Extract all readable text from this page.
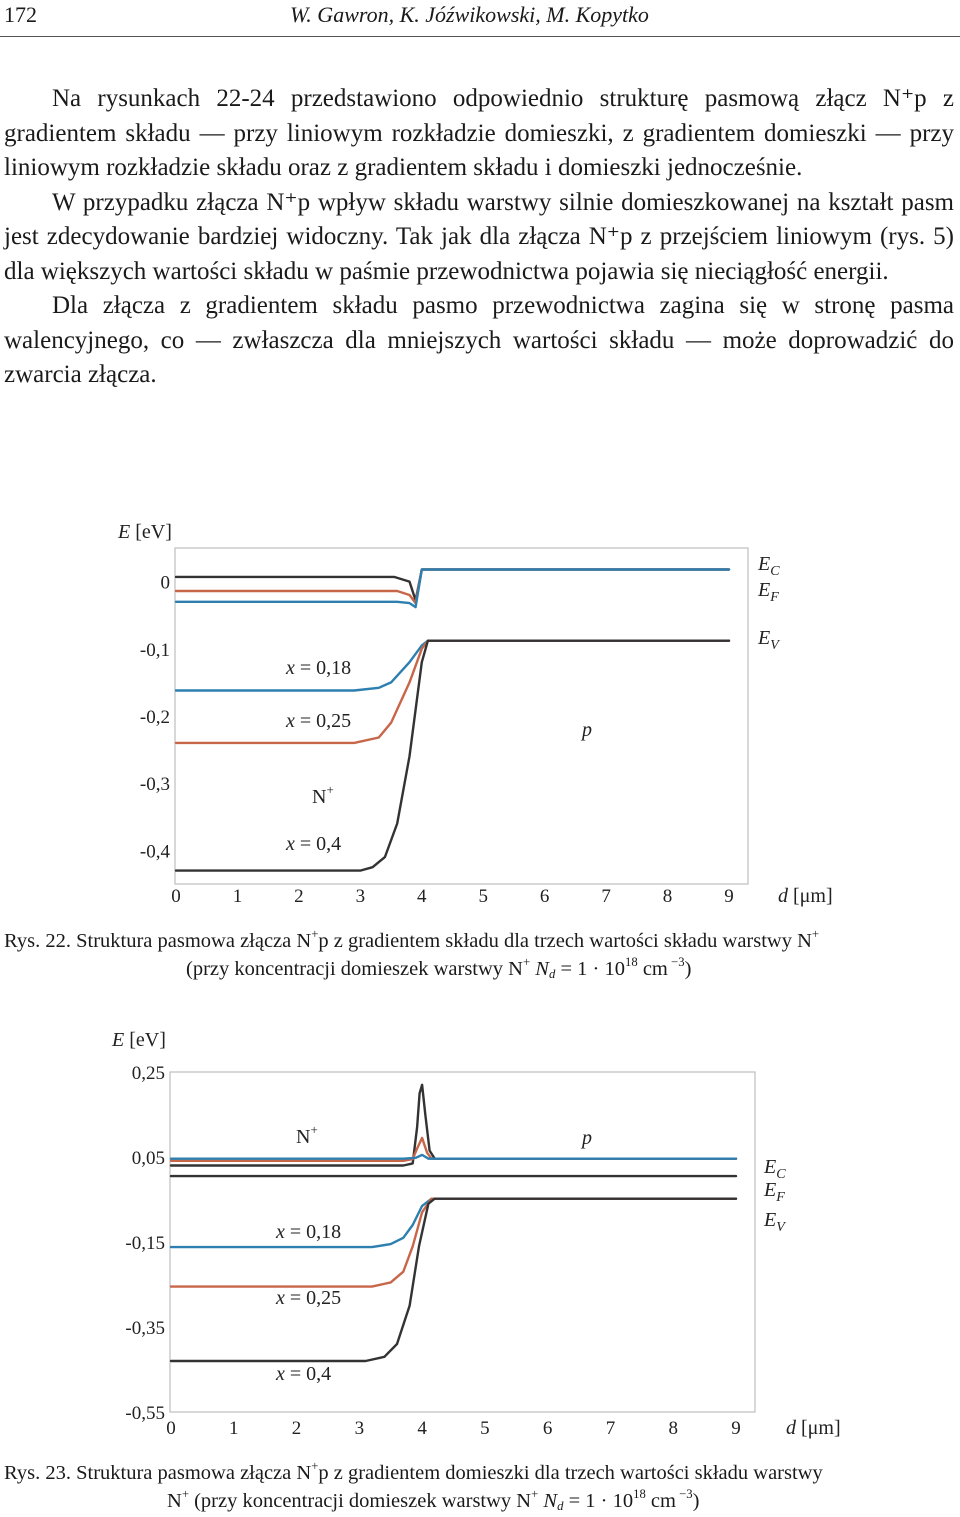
172	W. Gawron, K. Jóźwikowski, M. Kopytko

Na rysunkach 22-24 przedstawiono odpowiednio strukturę pasmową złącz N⁺p z gradientem składu — przy liniowym rozkładzie domieszki, z gradientem domieszki — przy liniowym rozkładzie składu oraz z gradientem składu i domieszki jednocześnie.

W przypadku złącza N⁺p wpływ składu warstwy silnie domieszkowanej na kształt pasm jest zdecydowanie bardziej widoczny. Tak jak dla złącza N⁺p z przejściem liniowym (rys. 5) dla większych wartości składu w paśmie przewodnictwa pojawia się nieciągłość energii.

Dla złącza z gradientem składu pasmo przewodnictwa zagina się w stronę pasma walencyjnego, co — zwłaszcza dla mniejszych wartości składu — może doprowadzić do zwarcia złącza.

E [eV]
0
-0,1
-0,2
-0,3
-0,4
0	1	2	3	4	5	6	7	8	9 d [μm]
$E_C$
$E_F$
$E_V$
x = 0,18
x = 0,25	p
N+
x = 0,4
Rys. 22. Struktura pasmowa złącza N+p z gradientem składu dla trzech wartości składu warstwy N+
(przy koncentracji domieszek warstwy N+ $N_d = 1 \cdot 10^{18}$ cm $^{-3}$)
E [eV]
0,25
0,05
-0,15
-0,35
-0,55
0	1	2	3	4	5	6	7	8	9 d [μm]
$E_C$
$E_F$
$E_V$
N+	p
x = 0,18
x = 0,25
x = 0,4
Rys. 23. Struktura pasmowa złącza N+p z gradientem domieszki dla trzech wartości składu warstwy
N+ (przy koncentracji domieszek warstwy N+ $N_d = 1 \cdot 10^{18}$ cm $^{-3}$)
